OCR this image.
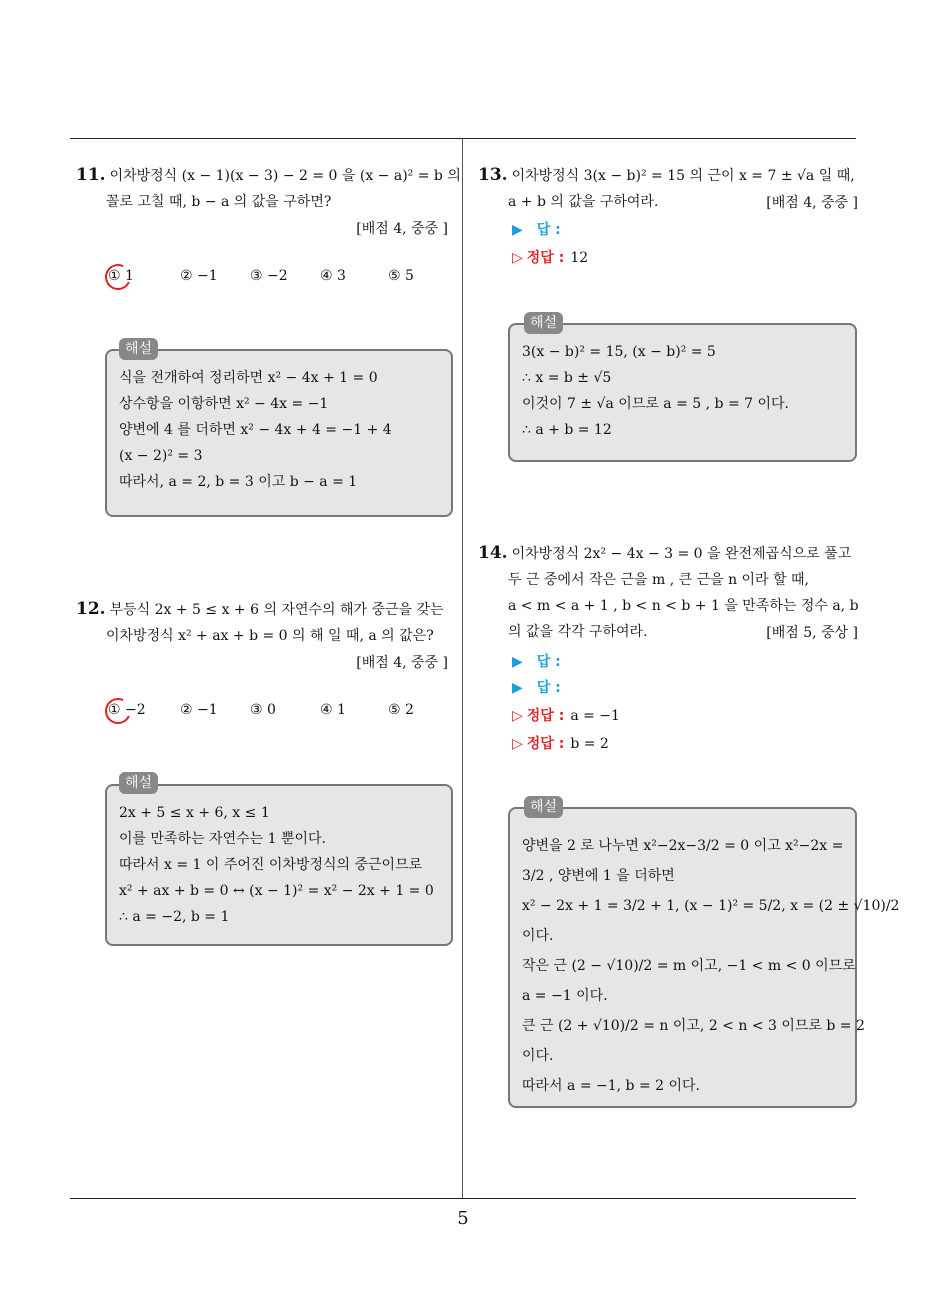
5
11. 이차방정식 (x − 1)(x − 3) − 2 = 0 을 (x − a)² = b 의
꼴로 고칠 때, b − a 의 값을 구하면?
[배점 4, 중중 ]
① 1	② −1 ③ −2 ④ 3	⑤ 5
식을 전개하여 정리하면 x² − 4x + 1 = 0
상수항을 이항하면 x² − 4x = −1
양변에 4 를 더하면 x² − 4x + 4 = −1 + 4
(x − 2)² = 3
따라서, a = 2, b = 3 이고 b − a = 1
해설
12. 부등식 2x + 5 ≤ x + 6 의 자연수의 해가 중근을 갖는
이차방정식 x² + ax + b = 0 의 해 일 때, a 의 값은?
[배점 4, 중중 ]
① −2 ② −1 ③ 0	④ 1	⑤ 2
2x + 5 ≤ x + 6, x ≤ 1
이를 만족하는 자연수는 1 뿐이다.
따라서 x = 1 이 주어진 이차방정식의 중근이므로
x² + ax + b = 0 ↔ (x − 1)² = x² − 2x + 1 = 0
∴ a = −2, b = 1
해설
13. 이차방정식 3(x − b)² = 15 의 근이 x = 7 ± √a 일 때,
a + b 의 값을 구하여라.	[배점 4, 중중 ]
▶ 답 :
▷ 정답 : 12
3(x − b)² = 15, (x − b)² = 5
∴ x = b ± √5
이것이 7 ± √a 이므로 a = 5 , b = 7 이다.
∴ a + b = 12
해설
14. 이차방정식 2x² − 4x − 3 = 0 을 완전제곱식으로 풀고
두 근 중에서 작은 근을 m , 큰 근을 n 이라 할 때,
a < m < a + 1 , b < n < b + 1 을 만족하는 정수 a, b
의 값을 각각 구하여라.	[배점 5, 중상 ]
▶ 답 :
▶ 답 :
▷ 정답 : a = −1
▷ 정답 : b = 2
양변을 2 로 나누면 x²−2x−3/2 = 0 이고 x²−2x =
3/2 , 양변에 1 을 더하면
x² − 2x + 1 = 3/2 + 1, (x − 1)² = 5/2, x = (2 ± √10)/2
이다.
작은 근 (2 − √10)/2 = m 이고, −1 < m < 0 이므로
a = −1 이다.
큰 근 (2 + √10)/2 = n 이고, 2 < n < 3 이므로 b = 2
이다.
따라서 a = −1, b = 2 이다.
해설
